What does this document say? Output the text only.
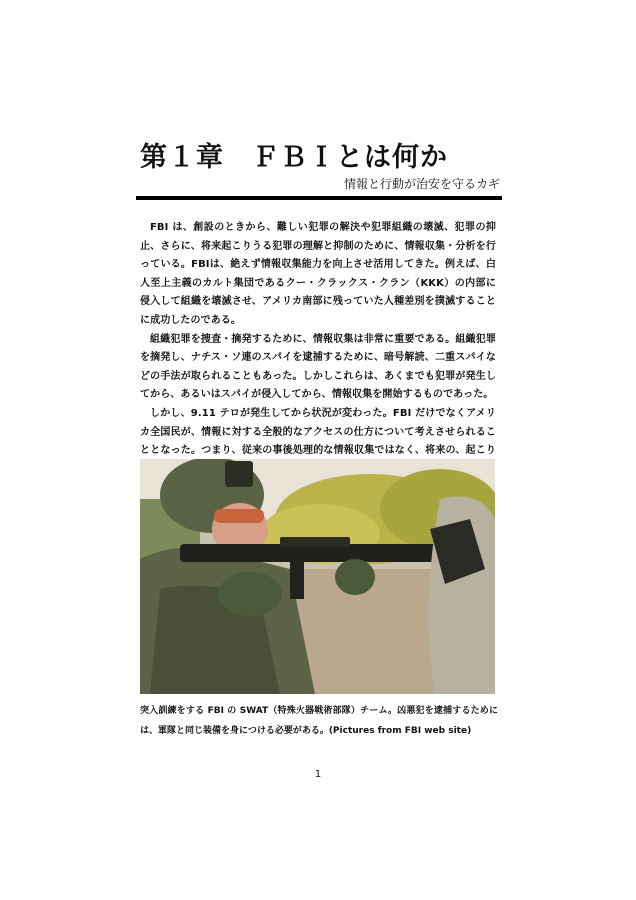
第１章　ＦＢＩとは何か
情報と行動が治安を守るカギ

FBI は、創設のときから、難しい犯罪の解決や犯罪組織の壊滅、犯罪の抑止、さらに、将来起こりうる犯罪の理解と抑制のために、情報収集・分析を行っている。FBIは、絶えず情報収集能力を向上させ活用してきた。例えば、白人至上主義のカルト集団であるクー・クラックス・クラン（KKK）の内部に侵入して組織を壊滅させ、アメリカ南部に残っていた人種差別を撲滅することに成功したのである。

組織犯罪を捜査・摘発するために、情報収集は非常に重要である。組織犯罪を摘発し、ナチス・ソ連のスパイを逮捕するために、暗号解読、二重スパイなどの手法が取られることもあった。しかしこれらは、あくまでも犯罪が発生してから、あるいはスパイが侵入してから、情報収集を開始するものであった。

しかし、9.11 テロが発生してから状況が変わった。FBI だけでなくアメリカ全国民が、情報に対する全般的なアクセスの仕方について考えさせられることとなった。つまり、従来の事後処理的な情報収集ではなく、将来の、起こり

突入訓練をする FBI の SWAT（特殊火器戦術部隊）チーム。凶悪犯を逮捕するためには、軍隊と同じ装備を身につける必要がある。(Pictures from FBI web site)
1
